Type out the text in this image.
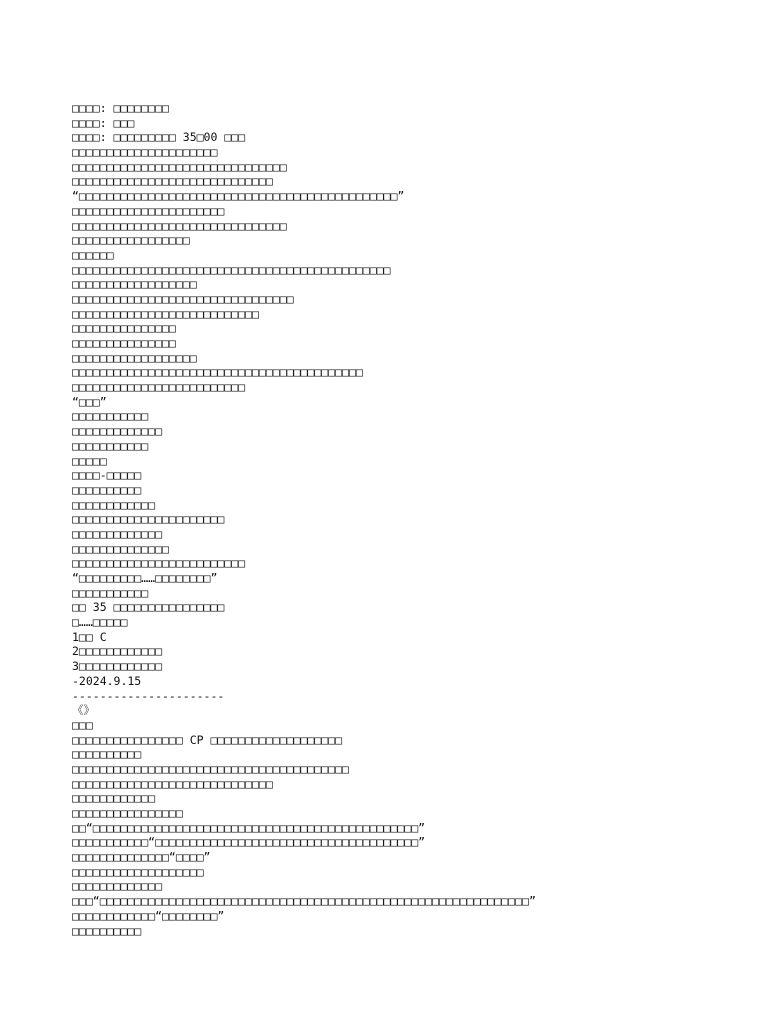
□□□□: □□□□□□□□
□□□□: □□□
□□□□: □□□□□□□□□ 35□00 □□□
□□□□□□□□□□□□□□□□□□□□□
□□□□□□□□□□□□□□□□□□□□□□□□□□□□□□□
□□□□□□□□□□□□□□□□□□□□□□□□□□□□□
“□□□□□□□□□□□□□□□□□□□□□□□□□□□□□□□□□□□□□□□□□□□□□□”
□□□□□□□□□□□□□□□□□□□□□□
□□□□□□□□□□□□□□□□□□□□□□□□□□□□□□□
□□□□□□□□□□□□□□□□□
□□□□□□
□□□□□□□□□□□□□□□□□□□□□□□□□□□□□□□□□□□□□□□□□□□□□□
□□□□□□□□□□□□□□□□□□
□□□□□□□□□□□□□□□□□□□□□□□□□□□□□□□□
□□□□□□□□□□□□□□□□□□□□□□□□□□□
□□□□□□□□□□□□□□□
□□□□□□□□□□□□□□□
□□□□□□□□□□□□□□□□□□
□□□□□□□□□□□□□□□□□□□□□□□□□□□□□□□□□□□□□□□□□□
□□□□□□□□□□□□□□□□□□□□□□□□□
“□□□”
□□□□□□□□□□□
□□□□□□□□□□□□□
□□□□□□□□□□□
□□□□□
□□□□-□□□□□
□□□□□□□□□□
□□□□□□□□□□□□
□□□□□□□□□□□□□□□□□□□□□□
□□□□□□□□□□□□□
□□□□□□□□□□□□□□
□□□□□□□□□□□□□□□□□□□□□□□□□
“□□□□□□□□□……□□□□□□□□”
□□□□□□□□□□□
□□ 35 □□□□□□□□□□□□□□□□
□……□□□□□
1□□ C
2□□□□□□□□□□□□
3□□□□□□□□□□□□
-2024.9.15
----------------------
《》
□□□
□□□□□□□□□□□□□□□□ CP □□□□□□□□□□□□□□□□□□□
□□□□□□□□□□
□□□□□□□□□□□□□□□□□□□□□□□□□□□□□□□□□□□□□□□□
□□□□□□□□□□□□□□□□□□□□□□□□□□□□□
□□□□□□□□□□□□
□□□□□□□□□□□□□□□□
□□“□□□□□□□□□□□□□□□□□□□□□□□□□□□□□□□□□□□□□□□□□□□□□□□”
□□□□□□□□□□□“□□□□□□□□□□□□□□□□□□□□□□□□□□□□□□□□□□□□□□”
□□□□□□□□□□□□□□“□□□□”
□□□□□□□□□□□□□□□□□□□
□□□□□□□□□□□□□
□□□“□□□□□□□□□□□□□□□□□□□□□□□□□□□□□□□□□□□□□□□□□□□□□□□□□□□□□□□□□□□□□□”
□□□□□□□□□□□□“□□□□□□□□”
□□□□□□□□□□
